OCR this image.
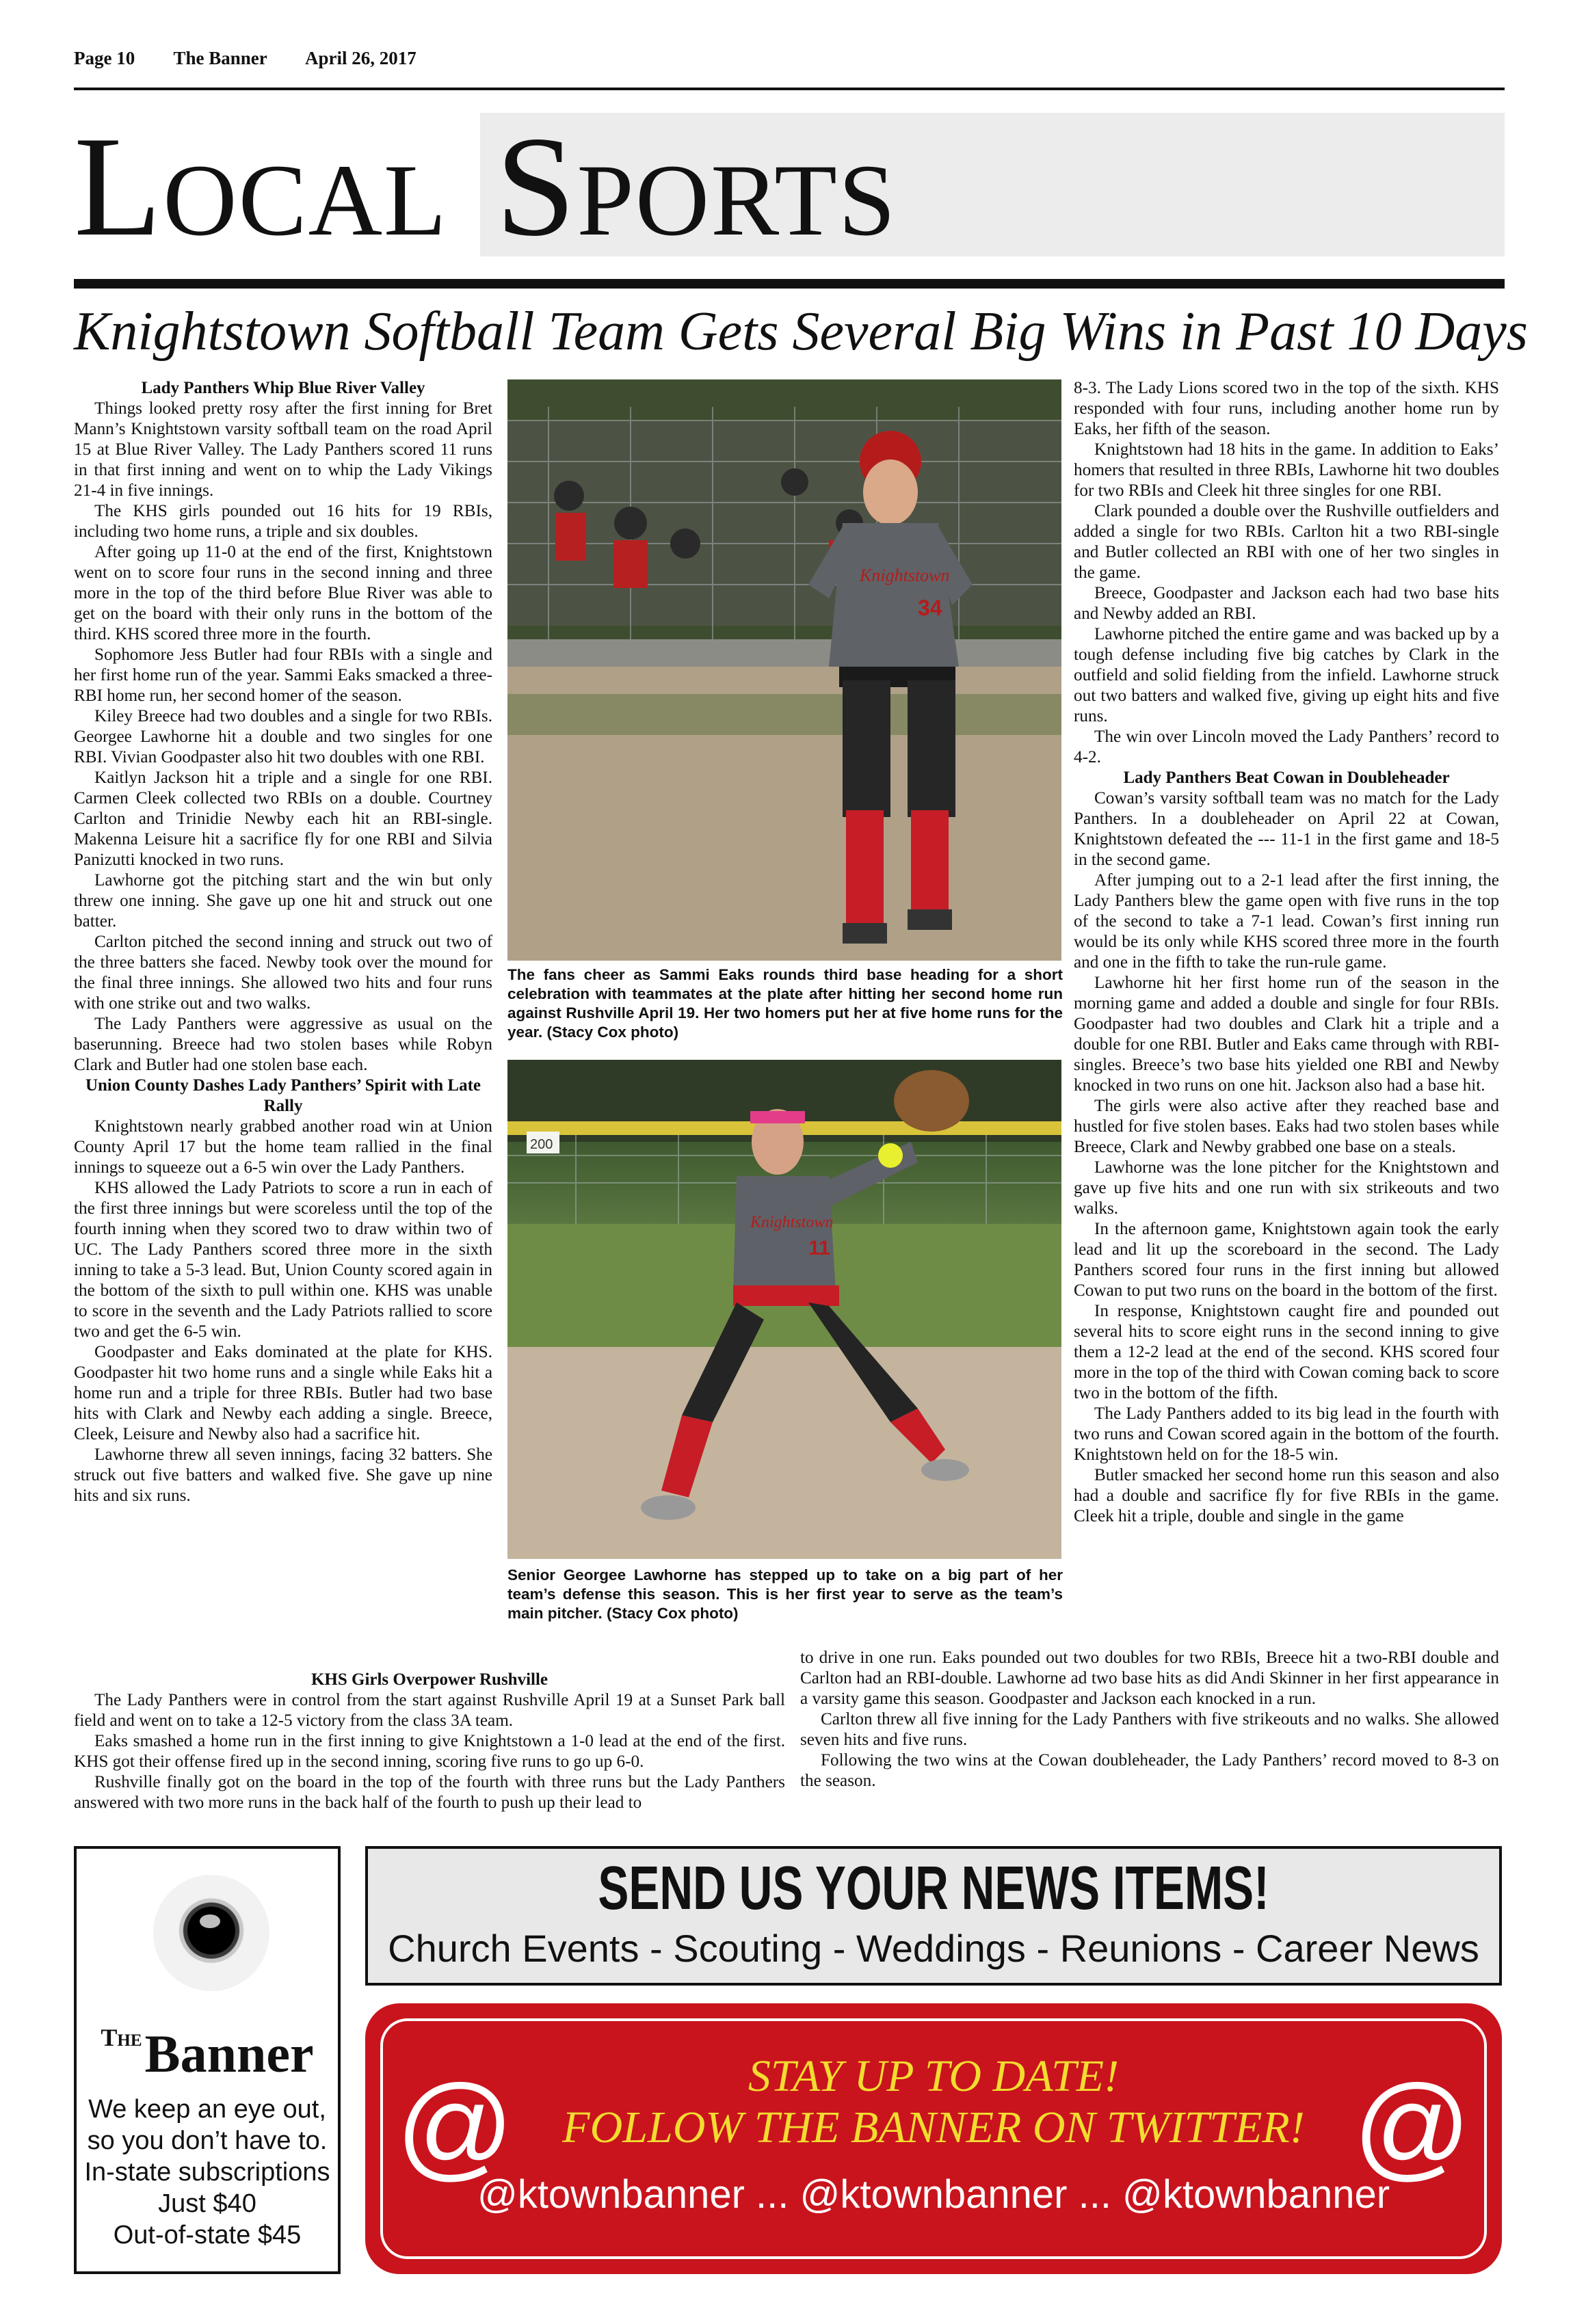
Page 10 The Banner April 26, 2017
LOCAL SPORTS
Knightstown Softball Team Gets Several Big Wins in Past 10 Days
Lady Panthers Whip Blue River Valley

Things looked pretty rosy after the first inning for Bret Mann’s Knightstown varsity softball team on the road April 15 at Blue River Valley. The Lady Panthers scored 11 runs in that first inning and went on to whip the Lady Vikings 21-4 in five innings.

The KHS girls pounded out 16 hits for 19 RBIs, including two home runs, a triple and six doubles.

After going up 11-0 at the end of the first, Knightstown went on to score four runs in the second inning and three more in the top of the third before Blue River was able to get on the board with their only runs in the bottom of the third. KHS scored three more in the fourth.

Sophomore Jess Butler had four RBIs with a single and her first home run of the year. Sammi Eaks smacked a three-RBI home run, her second homer of the season.

Kiley Breece had two doubles and a single for two RBIs. Georgee Lawhorne hit a double and two singles for one RBI. Vivian Goodpaster also hit two doubles with one RBI.

Kaitlyn Jackson hit a triple and a single for one RBI. Carmen Cleek collected two RBIs on a double. Courtney Carlton and Trinidie Newby each hit an RBI-single. Makenna Leisure hit a sacrifice fly for one RBI and Silvia Panizutti knocked in two runs.

Lawhorne got the pitching start and the win but only threw one inning. She gave up one hit and struck out one batter.

Carlton pitched the second inning and struck out two of the three batters she faced. Newby took over the mound for the final three innings. She allowed two hits and four runs with one strike out and two walks.

The Lady Panthers were aggressive as usual on the baserunning. Breece had two stolen bases while Robyn Clark and Butler had one stolen base each.

Union County Dashes Lady Panthers’ Spirit with Late Rally

Knightstown nearly grabbed another road win at Union County April 17 but the home team rallied in the final innings to squeeze out a 6-5 win over the Lady Panthers.

KHS allowed the Lady Patriots to score a run in each of the first three innings but were scoreless until the top of the fourth inning when they scored two to draw within two of UC. The Lady Panthers scored three more in the sixth inning to take a 5-3 lead. But, Union County scored again in the bottom of the sixth to pull within one. KHS was unable to score in the seventh and the Lady Patriots rallied to score two and get the 6-5 win.

Goodpaster and Eaks dominated at the plate for KHS. Goodpaster hit two home runs and a single while Eaks hit a home run and a triple for three RBIs. Butler had two base hits with Clark and Newby each adding a single. Breece, Cleek, Leisure and Newby also had a sacrifice hit.

Lawhorne threw all seven innings, facing 32 batters. She struck out five batters and walked five. She gave up nine hits and six runs.

8-3. The Lady Lions scored two in the top of the sixth. KHS responded with four runs, including another home run by Eaks, her fifth of the season.

Knightstown had 18 hits in the game. In addition to Eaks’ homers that resulted in three RBIs, Lawhorne hit two doubles for two RBIs and Cleek hit three singles for one RBI.

Clark pounded a double over the Rushville outfielders and added a single for two RBIs. Carlton hit a two RBI-single and Butler collected an RBI with one of her two singles in the game.

Breece, Goodpaster and Jackson each had two base hits and Newby added an RBI.

Lawhorne pitched the entire game and was backed up by a tough defense including five big catches by Clark in the outfield and solid fielding from the infield. Lawhorne struck out two batters and walked five, giving up eight hits and five runs.

The win over Lincoln moved the Lady Panthers’ record to 4-2.

Lady Panthers Beat Cowan in Doubleheader

Cowan’s varsity softball team was no match for the Lady Panthers. In a doubleheader on April 22 at Cowan, Knightstown defeated the --- 11-1 in the first game and 18-5 in the second game.

After jumping out to a 2-1 lead after the first inning, the Lady Panthers blew the game open with five runs in the top of the second to take a 7-1 lead. Cowan’s first inning run would be its only while KHS scored three more in the fourth and one in the fifth to take the run-rule game.

Lawhorne hit her first home run of the season in the morning game and added a double and single for four RBIs. Goodpaster had two doubles and Clark hit a triple and a double for one RBI. Butler and Eaks came through with RBI-singles. Breece’s two base hits yielded one RBI and Newby knocked in two runs on one hit. Jackson also had a base hit.

The girls were also active after they reached base and hustled for five stolen bases. Eaks had two stolen bases while Breece, Clark and Newby grabbed one base on a steals.

Lawhorne was the lone pitcher for the Knightstown and gave up five hits and one run with six strikeouts and two walks.

In the afternoon game, Knightstown again took the early lead and lit up the scoreboard in the second. The Lady Panthers scored four runs in the first inning but allowed Cowan to put two runs on the board in the bottom of the first.

In response, Knightstown caught fire and pounded out several hits to score eight runs in the second inning to give them a 12-2 lead at the end of the second. KHS scored four more in the top of the third with Cowan coming back to score two in the bottom of the fifth.

The Lady Panthers added to its big lead in the fourth with two runs and Cowan scored again in the bottom of the fourth. Knightstown held on for the 18-5 win.

Butler smacked her second home run this season and also had a double and sacrifice fly for five RBIs in the game. Cleek hit a triple, double and single in the game

KHS Girls Overpower Rushville

The Lady Panthers were in control from the start against Rushville April 19 at a Sunset Park ball field and went on to take a 12-5 victory from the class 3A team.

Eaks smashed a home run in the first inning to give Knightstown a 1-0 lead at the end of the first. KHS got their offense fired up in the second inning, scoring five runs to go up 6-0.

Rushville finally got on the board in the top of the fourth with three runs but the Lady Panthers answered with two more runs in the back half of the fourth to push up their lead to

to drive in one run. Eaks pounded out two doubles for two RBIs, Breece hit a two-RBI double and Carlton had an RBI-double. Lawhorne ad two base hits as did Andi Skinner in her first appearance in a varsity game this season. Goodpaster and Jackson each knocked in a run.

Carlton threw all five inning for the Lady Panthers with five strikeouts and no walks. She allowed seven hits and five runs.

Following the two wins at the Cowan doubleheader, the Lady Panthers’ record moved to 8-3 on the season.

Knightstown
34
The fans cheer as Sammi Eaks rounds third base heading for a short celebration with teammates at the plate after hitting her second home run against Rushville April 19. Her two homers put her at five home runs for the year. (Stacy Cox photo)
200
Knightstown
11
Senior Georgee Lawhorne has stepped up to take on a big part of her team’s defense this season. This is her first year to serve as the team’s main pitcher. (Stacy Cox photo)
The Banner
We keep an eye out,
so you don’t have to.
In-state subscriptions
Just $40
Out-of-state $45
SEND US YOUR NEWS ITEMS!
Church Events - Scouting - Weddings - Reunions - Career News
@	@
STAY UP TO DATE!
FOLLOW THE BANNER ON TWITTER!
@ktownbanner ... @ktownbanner ... @ktownbanner
